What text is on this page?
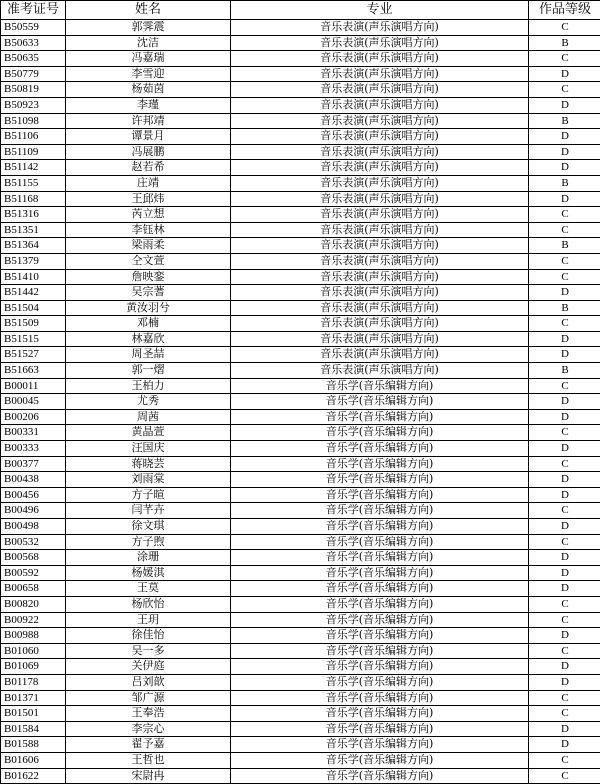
准考证号	姓名	专业	作品等级
B50559	郭霁震	音乐表演(声乐演唱方向)	C
B50633	沈洁	音乐表演(声乐演唱方向)	B
B50635	冯嘉瑞	音乐表演(声乐演唱方向)	C
B50779	李雪迎	音乐表演(声乐演唱方向)	D
B50819	杨茹茵	音乐表演(声乐演唱方向)	C
B50923	李瑾	音乐表演(声乐演唱方向)	D
B51098	许邦靖	音乐表演(声乐演唱方向)	B
B51106	谭景月	音乐表演(声乐演唱方向)	D
B51109	冯展鹏	音乐表演(声乐演唱方向)	D
B51142	赵若希	音乐表演(声乐演唱方向)	D
B51155	庄靖	音乐表演(声乐演唱方向)	B
B51168	王邱炜	音乐表演(声乐演唱方向)	D
B51316	芮立想	音乐表演(声乐演唱方向)	C
B51351	李钰林	音乐表演(声乐演唱方向)	C
B51364	梁雨柔	音乐表演(声乐演唱方向)	B
B51379	仝文萱	音乐表演(声乐演唱方向)	C
B51410	詹映銮	音乐表演(声乐演唱方向)	C
B51442	吴宗蓍	音乐表演(声乐演唱方向)	D
B51504	黄汝羽兮	音乐表演(声乐演唱方向)	B
B51509	邓楠	音乐表演(声乐演唱方向)	C
B51515	林嘉欣	音乐表演(声乐演唱方向)	D
B51527	周圣喆	音乐表演(声乐演唱方向)	D
B51663	郭一熠	音乐表演(声乐演唱方向)	B
B00011	王柏力	音乐学(音乐编辑方向)	C
B00045	尤秀	音乐学(音乐编辑方向)	D
B00206	周茜	音乐学(音乐编辑方向)	D
B00331	黄晶萱	音乐学(音乐编辑方向)	C
B00333	汪国庆	音乐学(音乐编辑方向)	D
B00377	蒋晓芸	音乐学(音乐编辑方向)	C
B00438	刘雨棠	音乐学(音乐编辑方向)	D
B00456	方子暄	音乐学(音乐编辑方向)	D
B00496	闫芊卉	音乐学(音乐编辑方向)	C
B00498	徐文琪	音乐学(音乐编辑方向)	D
B00532	方子煦	音乐学(音乐编辑方向)	C
B00568	涂珊	音乐学(音乐编辑方向)	D
B00592	杨媛淇	音乐学(音乐编辑方向)	D
B00658	王莫	音乐学(音乐编辑方向)	D
B00820	杨欣怡	音乐学(音乐编辑方向)	C
B00922	王玥	音乐学(音乐编辑方向)	C
B00988	徐佳怡	音乐学(音乐编辑方向)	D
B01060	吴一多	音乐学(音乐编辑方向)	C
B01069	关伊庭	音乐学(音乐编辑方向)	D
B01178	吕刘歆	音乐学(音乐编辑方向)	D
B01371	邹广源	音乐学(音乐编辑方向)	C
B01501	王奉浩	音乐学(音乐编辑方向)	C
B01584	李宗心	音乐学(音乐编辑方向)	D
B01588	翟予嘉	音乐学(音乐编辑方向)	D
B01606	王哲也	音乐学(音乐编辑方向)	C
B01622	宋尉冉	音乐学(音乐编辑方向)	C
